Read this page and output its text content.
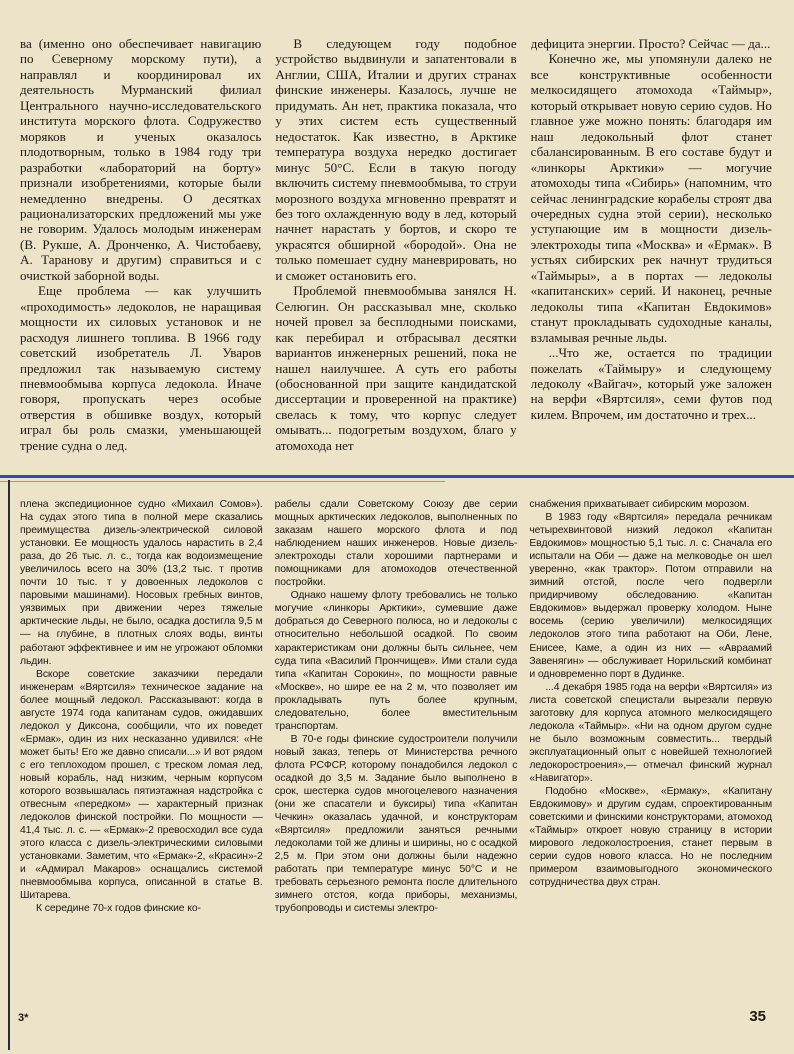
ва (именно оно обеспечивает навигацию по Северному морскому пути), а направлял и координировал их деятельность Мурманский филиал Центрального научно-исследовательского института морского флота. Содружество моряков и ученых оказалось плодотворным, только в 1984 году три разработки «лабораторий на борту» признали изобретениями, которые были немедленно внедрены. О десятках рационализаторских предложений мы уже не говорим. Удалось молодым инженерам (В. Рукше, А. Дронченко, А. Чистобаеву, А. Тарановy и другим) справиться и с очисткой заборной воды.

Еще проблема — как улучшить «проходимость» ледоколов, не наращивая мощности их силовых установок и не расходуя лишнего топлива. В 1966 году советский изобретатель Л. Уваров предложил так называемую систему пневмообмыва корпуса ледокола. Иначе говоря, пропускать через особые отверстия в обшивке воздух, который играл бы роль смазки, уменьшающей трение судна о лед.

В следующем году подобное устройство выдвинули и запатентовали в Англии, США, Италии и других странах финские инженеры. Казалось, лучше не придумать. Ан нет, практика показала, что у этих систем есть существенный недостаток. Как известно, в Арктике температура воздуха нередко достигает минус 50°С. Если в такую погоду включить систему пневмообмыва, то струи морозного воздуха мгновенно превратят и без того охлажденную воду в лед, который начнет нарастать у бортов, и скоро те украсятся обширной «бородой». Она не только помешает судну маневрировать, но и сможет остановить его.

Проблемой пневмообмыва занялся Н. Селюгин. Он рассказывал мне, сколько ночей провел за бесплодными поисками, как перебирал и отбрасывал десятки вариантов инженерных решений, пока не нашел наилучшее. А суть его работы (обоснованной при защите кандидатской диссертации и проверенной на практике) свелась к тому, что корпус следует омывать... подогретым воздухом, благо у атомохода нет

дефицита энергии. Просто? Сейчас — да...

Конечно же, мы упомянули далеко не все конструктивные особенности мелкосидящего атомохода «Таймыр», который открывает новую серию судов. Но главное уже можно понять: благодаря им наш ледокольный флот станет сбалансированным. В его составе будут и «линкоры Арктики» — могучие атомоходы типа «Сибирь» (напомним, что сейчас ленинградские корабелы строят два очередных судна этой серии), несколько уступающие им в мощности дизель-электроходы типа «Москва» и «Ермак». В устьях сибирских рек начнут трудиться «Таймыры», а в портах — ледоколы «капитанских» серий. И наконец, речные ледоколы типа «Капитан Евдокимов» станут прокладывать судоходные каналы, взламывая речные льды.

...Что же, остается по традиции пожелать «Таймыру» и следующему ледоколу «Вайгач», который уже заложен на верфи «Вяртсиля», семи футов под килем. Впрочем, им достаточно и трех...

плена экспедиционное судно «Михаил Сомов»). На судах этого типа в полной мере сказались преимущества дизель-электрической силовой установки. Ее мощность удалось нарастить в 2,4 раза, до 26 тыс. л. с., тогда как водоизмещение увеличилось всего на 30% (13,2 тыс. т против почти 10 тыс. т у довоенных ледоколов с паровыми машинами). Носовых гребных винтов, уязвимых при движении через тяжелые арктические льды, не было, осадка достигла 9,5 м — на глубине, в плотных слоях воды, винты работают эффективнее и им не угрожают обломки льдин.

Вскоре советские заказчики передали инженерам «Вяртсиля» техническое задание на более мощный ледокол. Рассказывают: когда в августе 1974 года капитанам судов, ожидавших ледокол у Диксона, сообщили, что их поведет «Ермак», один из них несказанно удивился: «Не может быть! Его же давно списали...» И вот рядом с его теплоходом прошел, с треском ломая лед, новый корабль, над низким, черным корпусом которого возвышалась пятиэтажная надстройка с отвесным «передком» — характерный признак ледоколов финской постройки. По мощности — 41,4 тыс. л. с. — «Ермак»-2 превосходил все суда этого класса с дизель-электрическими силовыми установками. Заметим, что «Ермак»-2, «Красин»-2 и «Адмирал Макаров» оснащались системой пневмообмыва корпуса, описанной в статье В. Шитарева.

К середине 70-х годов финские ко-

рабелы сдали Советскому Союзу две серии мощных арктических ледоколов, выполненных по заказам нашего морского флота и под наблюдением наших инженеров. Новые дизель-электроходы стали хорошими партнерами и помощниками для атомоходов отечественной постройки.

Однако нашему флоту требовались не только могучие «линкоры Арктики», сумевшие даже добраться до Северного полюса, но и ледоколы с относительно небольшой осадкой. По своим характеристикам они должны быть сильнее, чем суда типа «Василий Прончищев». Ими стали суда типа «Капитан Сорокин», по мощности равные «Москве», но шире ее на 2 м, что позволяет им прокладывать путь более крупным, следовательно, более вместительным транспортам.

В 70-е годы финские судостроители получили новый заказ, теперь от Министерства речного флота РСФСР, которому понадобился ледокол с осадкой до 3,5 м. Задание было выполнено в срок, шестерка судов многоцелевого назначения (они же спасатели и буксиры) типа «Капитан Чечкин» оказалась удачной, и конструкторам «Вяртсиля» предложили заняться речными ледоколами той же длины и ширины, но с осадкой 2,5 м. При этом они должны были надежно работать при температуре минус 50°С и не требовать серьезного ремонта после длительного зимнего отстоя, когда приборы, механизмы, трубопроводы и системы электро-

снабжения прихватывает сибирским морозом.

В 1983 году «Вяртсиля» передала речникам четырехвинтовой низкий ледокол «Капитан Евдокимов» мощностью 5,1 тыс. л. с. Сначала его испытали на Оби — даже на мелководье он шел уверенно, «как трактор». Потом отправили на зимний отстой, после чего подвергли придирчивому обследованию. «Капитан Евдокимов» выдержал проверку холодом. Ныне восемь (серию увеличили) мелкосидящих ледоколов этого типа работают на Оби, Лене, Енисее, Каме, а один из них — «Авраамий Завенягин» — обслуживает Норильский комбинат и одновременно порт в Дудинке.

...4 декабря 1985 года на верфи «Вяртсиля» из листа советской специстали вырезали первую заготовку для корпуса атомного мелкосидящего ледокола «Таймыр». «Ни на одном другом судне не было возможным совместить... твердый эксплуатационный опыт с новейшей технологией ледокоростроения»,— отмечал финский журнал «Навигатор».

Подобно «Москве», «Ермаку», «Капитану Евдокимову» и другим судам, спроектированным советскими и финскими конструкторами, атомоход «Таймыр» откроет новую страницу в истории мирового ледоколостроения, станет первым в серии судов нового класса. Но не последним примером взаимовыгодного экономического сотрудничества двух стран.

3*	35
